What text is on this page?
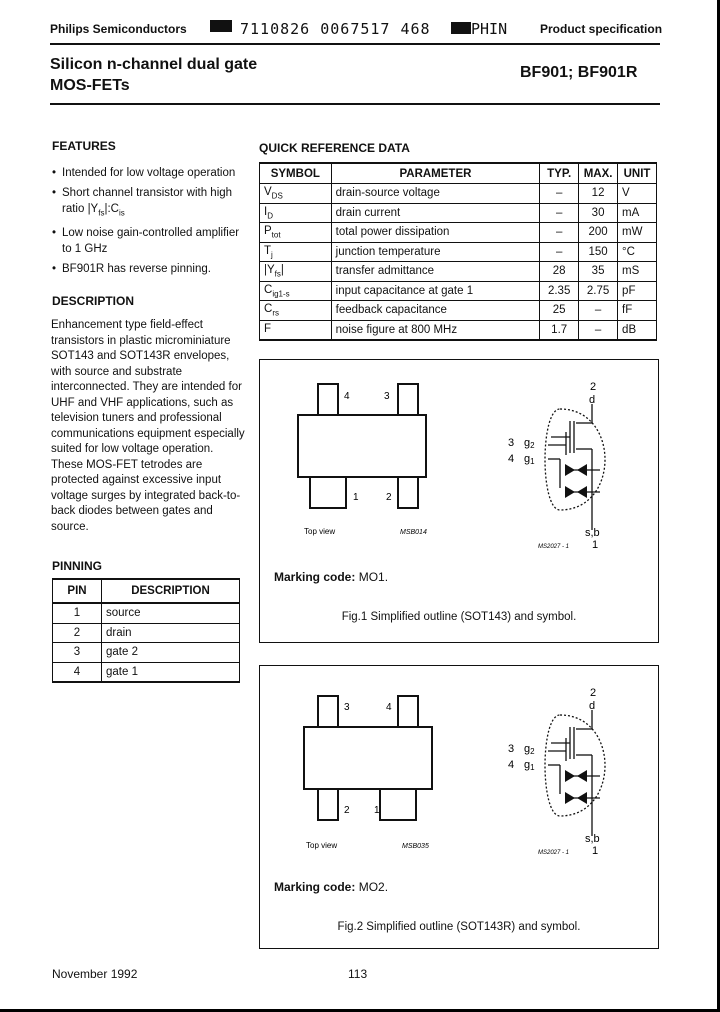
Philips Semiconductors	7110826 0067517 468	PHIN	Product specification
Silicon n-channel dual gate
MOS-FETs
BF901; BF901R
FEATURES
• Intended for low voltage operation
• Short channel transistor with high ratio $|Y_{fs}|:C_{is}$
• Low noise gain-controlled amplifier to 1 GHz
• BF901R has reverse pinning.
DESCRIPTION
Enhancement type field-effect transistors in plastic microminiature SOT143 and SOT143R envelopes, with source and substrate interconnected. They are intended for UHF and VHF applications, such as television tuners and professional communications equipment especially suited for low voltage operation. These MOS-FET tetrodes are protected against excessive input voltage surges by integrated back-to-back diodes between gates and source.
PINNING
PIN	DESCRIPTION
1	source
2	drain
3	gate 2
4	gate 1
QUICK REFERENCE DATA
SYMBOL	PARAMETER	TYP.	MAX.	UNIT
$V_{DS}$	drain-source voltage	–	12	V
$I_D$	drain current	–	30	mA
$P_{tot}$	total power dissipation	–	200	mW
$T_j$	junction temperature	–	150	°C
$|Y_{fs}|$	transfer admittance	28	35	mS
$C_{ig1-s}$	input capacitance at gate 1	2.35	2.75	pF
$C_{rs}$	feedback capacitance	25	–	fF
F	noise figure at 800 MHz	1.7	–	dB
4	3
1	2
Top view	MSB014
2
d
3 g2
4 g1
s,b
1
MS2027 - 1
Marking code: MO1.
Fig.1 Simplified outline (SOT143) and symbol.
3	4
2 1
Top view	MSB035
2
d
3 g2
4 g1
s,b
1
MS2027 - 1
Marking code: MO2.
Fig.2 Simplified outline (SOT143R) and symbol.
November 1992	113
